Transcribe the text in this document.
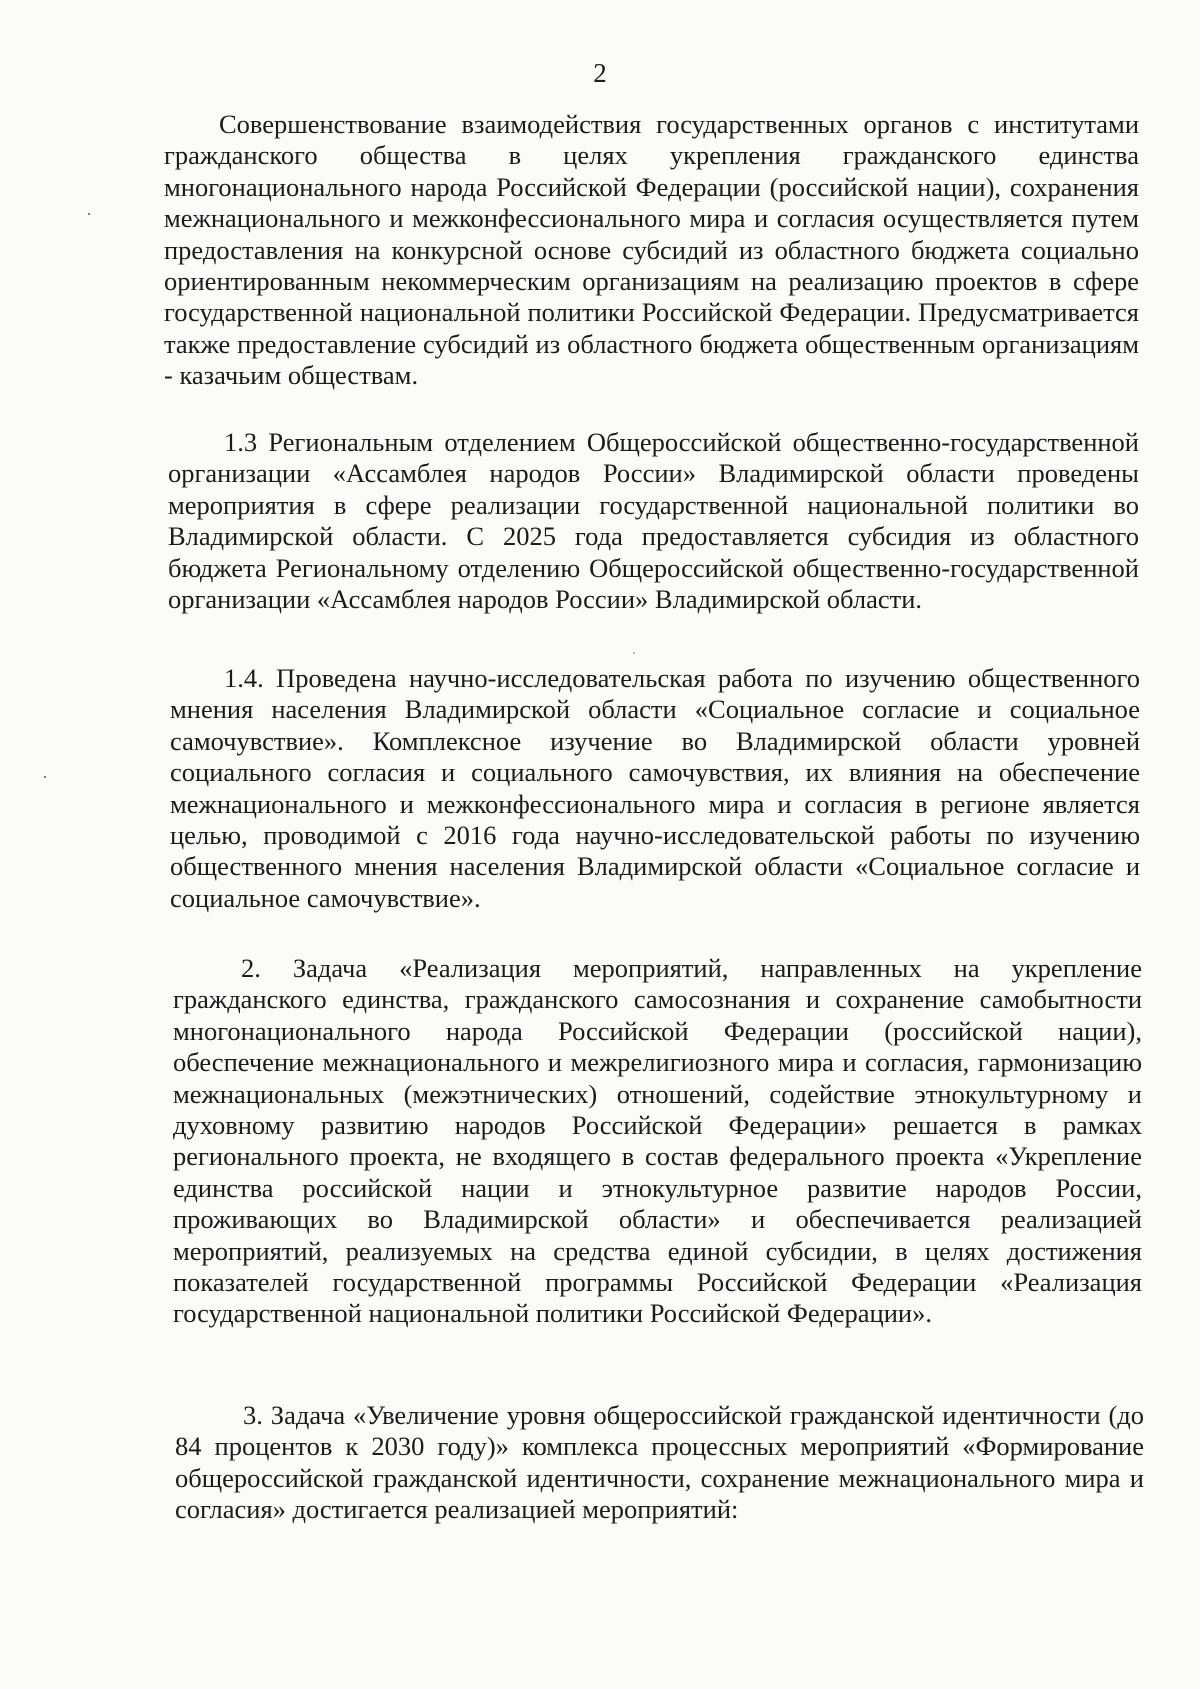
2

Совершенствование взаимодействия государственных органов с институтами гражданского общества в целях укрепления гражданского единства многонационального народа Российской Федерации (российской нации), сохранения межнационального и межконфессионального мира и согласия осуществляется путем предоставления на конкурсной основе субсидий из областного бюджета социально ориентированным некоммерческим организациям на реализацию проектов в сфере государственной национальной политики Российской Федерации. Предусматривается также предоставление субсидий из областного бюджета общественным организациям - казачьим обществам.

1.3 Региональным отделением Общероссийской общественно-государственной организации «Ассамблея народов России» Владимирской области проведены мероприятия в сфере реализации государственной национальной политики во Владимирской области. С 2025 года предоставляется субсидия из областного бюджета Региональному отделению Общероссийской общественно-государственной организации «Ассамблея народов России» Владимирской области.

1.4. Проведена научно-исследовательская работа по изучению общественного мнения населения Владимирской области «Социальное согласие и социальное самочувствие». Комплексное изучение во Владимирской области уровней социального согласия и социального самочувствия, их влияния на обеспечение межнационального и межконфессионального мира и согласия в регионе является целью, проводимой с 2016 года научно-исследовательской работы по изучению общественного мнения населения Владимирской области «Социальное согласие и социальное самочувствие».

2. Задача «Реализация мероприятий, направленных на укрепление гражданского единства, гражданского самосознания и сохранение самобытности многонационального народа Российской Федерации (российской нации), обеспечение межнационального и межрелигиозного мира и согласия, гармонизацию межнациональных (межэтнических) отношений, содействие этнокультурному и духовному развитию народов Российской Федерации» решается в рамках регионального проекта, не входящего в состав федерального проекта «Укрепление единства российской нации и этнокультурное развитие народов России, проживающих во Владимирской области» и обеспечивается реализацией мероприятий, реализуемых на средства единой субсидии, в целях достижения показателей государственной программы Российской Федерации «Реализация государственной национальной политики Российской Федерации».

3. Задача «Увеличение уровня общероссийской гражданской идентичности (до 84 процентов к 2030 году)» комплекса процессных мероприятий «Формирование общероссийской гражданской идентичности, сохранение межнационального мира и согласия» достигается реализацией мероприятий:
